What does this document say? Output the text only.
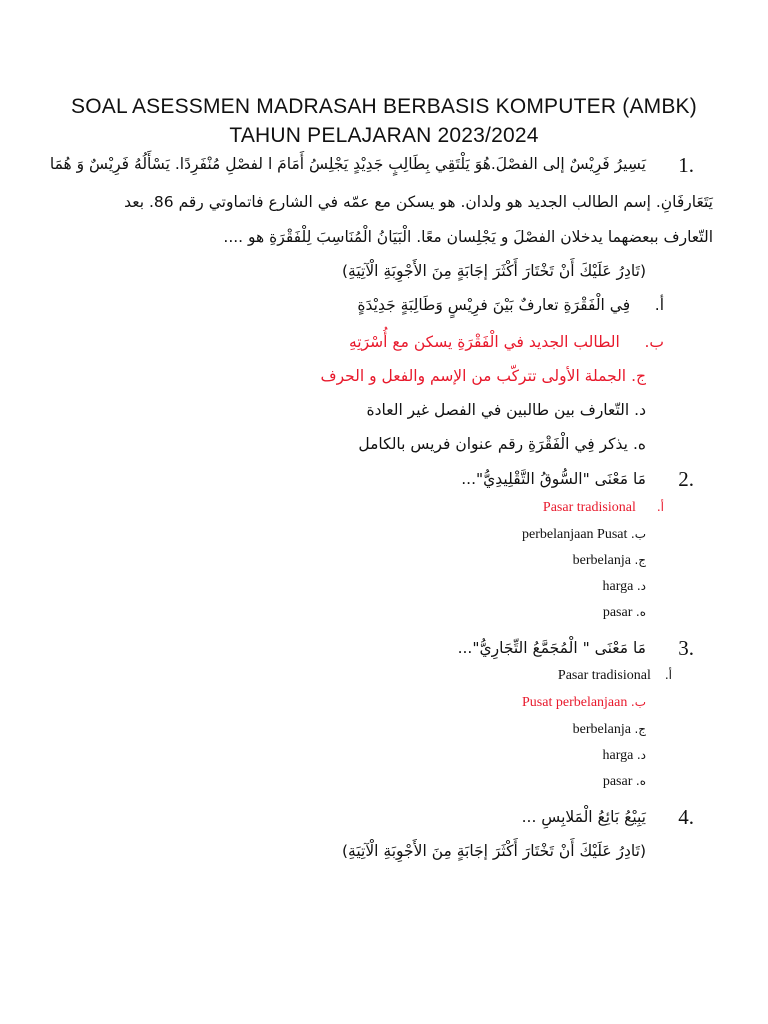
SOAL ASESSMEN MADRASAH BERBASIS KOMPUTER (AMBK)
TAHUN PELAJARAN 2023/2024
1.
يَسِيرُ فَرِيْسٌ إلى الفصْلَ.هُوَ يَلْتَقِي بِطَالِبٍ جَدِيْدٍ يَجْلِسُ أَمَامَ ا لفصْلِ مُنْفَرِدًا. يَسْأَلُهُ فَرِيْسٌ وَ هُمَا
يَتَعَارفَانِ. إسم الطالب الجديد هو ولدان. هو يسكن مع عمّه في الشارع فاتماوتي رقم 86. بعد
التّعارف ببعضهما يدخلان الفصْلَ و يَجْلِسان معًا. الْبَيَانُ الْمُنَاسِبَ لِلْفَقْرَةِ هو ....
(تَادِرُ عَلَيْكَ أَنْ تَخْتَارَ أَكْثَرَ إجَابَةٍ مِنَ الأَجْوِبَةِ الْآتِيَةِ)
أ.     فِي الْفَقْرَةِ تعارفٌ بَيْنَ فرِيْسٍ وَطَالِبَةٍ جَدِيْدَةٍ
ب.     الطالب الجديد في الْفَقْرَةِ يسكن مع أُسْرَتِهِ
ج. الجملة الأولى تتركّب من الإسم والفعل و الحرف
د. التّعارف بين طالبين في الفصل غير العادة
ه. يذكر فِي الْفَقْرَةِ رقم عنوان فريس بالكامل
2.
مَا مَعْنَى "السُّوقُ التَّقْلِيدِيُّ"...
أ.      Pasar tradisional
ب. perbelanjaan Pusat
ج. berbelanja
د. harga
ه. pasar
3.
مَا مَعْنَى " الْمُجَمَّعُ التِّجَارِيُّ"...
أ.    Pasar tradisional
ب. Pusat perbelanjaan
ج. berbelanja
د. harga
ه. pasar
4.
يَبِيْعُ بَائِعُ الْمَلابِسِ ...
(تَادِرُ عَلَيْكَ أَنْ تَخْتَارَ أَكْثَرَ إجَابَةٍ مِنَ الأَجْوِبَةِ الْآتِيَةِ)
